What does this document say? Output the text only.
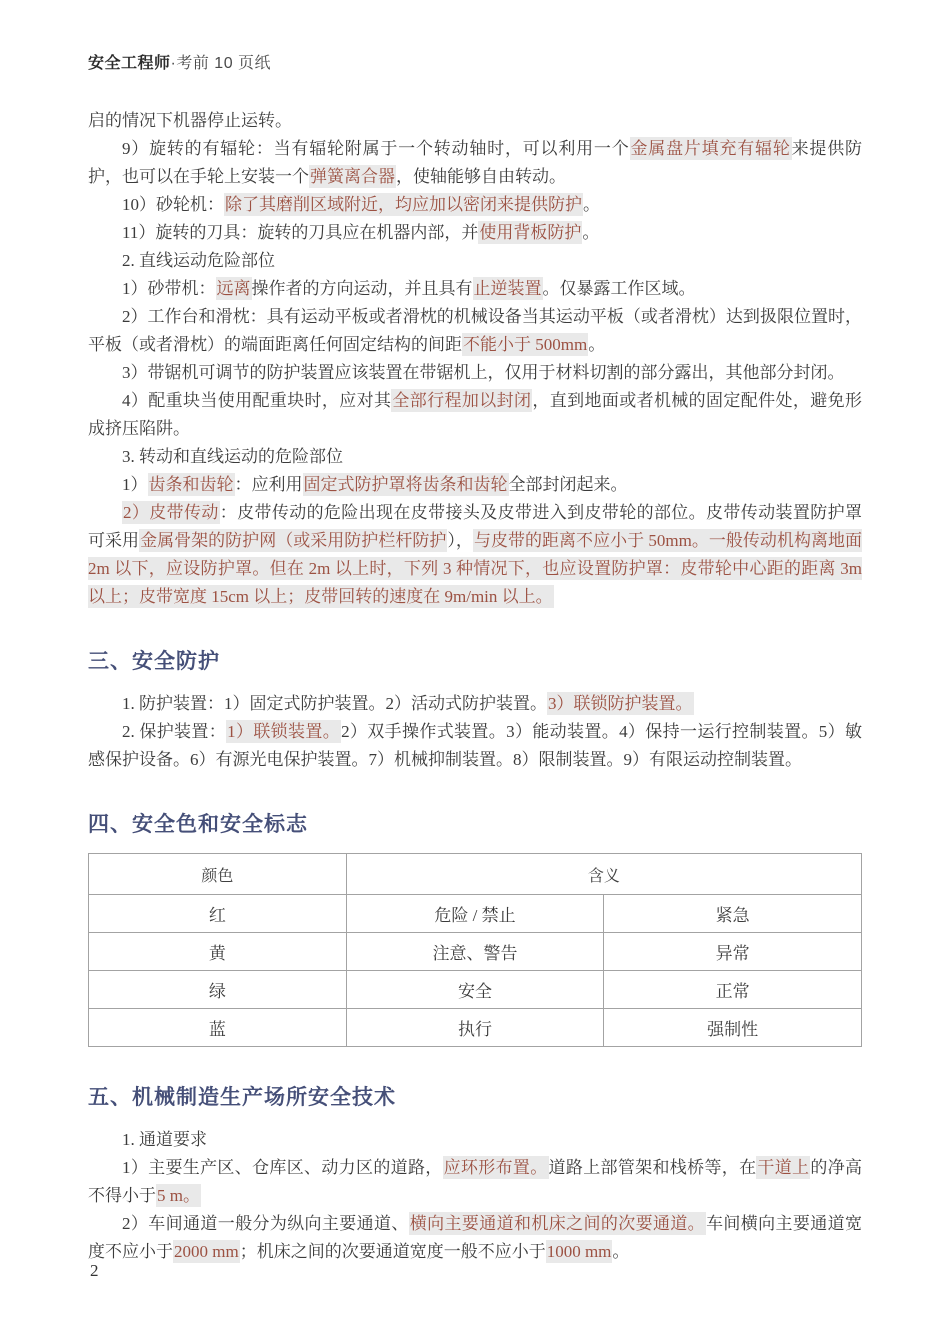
安全工程师·考前 10 页纸

启的情况下机器停止运转。

9）旋转的有辐轮：当有辐轮附属于一个转动轴时，可以利用一个金属盘片填充有辐轮来提供防护，也可以在手轮上安装一个弹簧离合器，使轴能够自由转动。

10）砂轮机：除了其磨削区域附近，均应加以密闭来提供防护。

11）旋转的刀具：旋转的刀具应在机器内部，并使用背板防护。

2. 直线运动危险部位

1）砂带机：远离操作者的方向运动，并且具有止逆装置。仅暴露工作区域。

2）工作台和滑枕：具有运动平板或者滑枕的机械设备当其运动平板（或者滑枕）达到扱限位置时，平板（或者滑枕）的端面距离任何固定结构的间距不能小于 500mm。

3）带锯机可调节的防护装置应该装置在带锯机上，仅用于材料切割的部分露出，其他部分封闭。

4）配重块当使用配重块时，应对其全部行程加以封闭，直到地面或者机械的固定配件处，避免形成挤压陷阱。

3. 转动和直线运动的危险部位

1）齿条和齿轮：应利用固定式防护罩将齿条和齿轮全部封闭起来。

2）皮带传动：皮带传动的危险出现在皮带接头及皮带进入到皮带轮的部位。皮带传动装置防护罩可采用金属骨架的防护网（或采用防护栏杆防护），与皮带的距离不应小于 50mm。一般传动机构离地面 2m 以下，应设防护罩。但在 2m 以上时，下列 3 种情况下，也应设置防护罩：皮带轮中心距的距离 3m 以上；皮带宽度 15cm 以上；皮带回转的速度在 9m/min 以上。

三、安全防护

1. 防护装置：1）固定式防护装置。2）活动式防护装置。3）联锁防护装置。

2. 保护装置：1）联锁装置。2）双手操作式装置。3）能动装置。4）保持一运行控制装置。5）敏感保护设备。6）有源光电保护装置。7）机械抑制装置。8）限制装置。9）有限运动控制装置。

四、安全色和安全标志
颜色	含义	
红	危险 / 禁止	紧急
黄	注意、警告	异常
绿	安全	正常
蓝	执行	强制性
五、机械制造生产场所安全技术

1. 通道要求

1）主要生产区、仓库区、动力区的道路，应环形布置。道路上部管架和栈桥等，在干道上的净高不得小于5 m。

2）车间通道一般分为纵向主要通道、横向主要通道和机床之间的次要通道。车间横向主要通道宽度不应小于2000 mm；机床之间的次要通道宽度一般不应小于1000 mm。

2
